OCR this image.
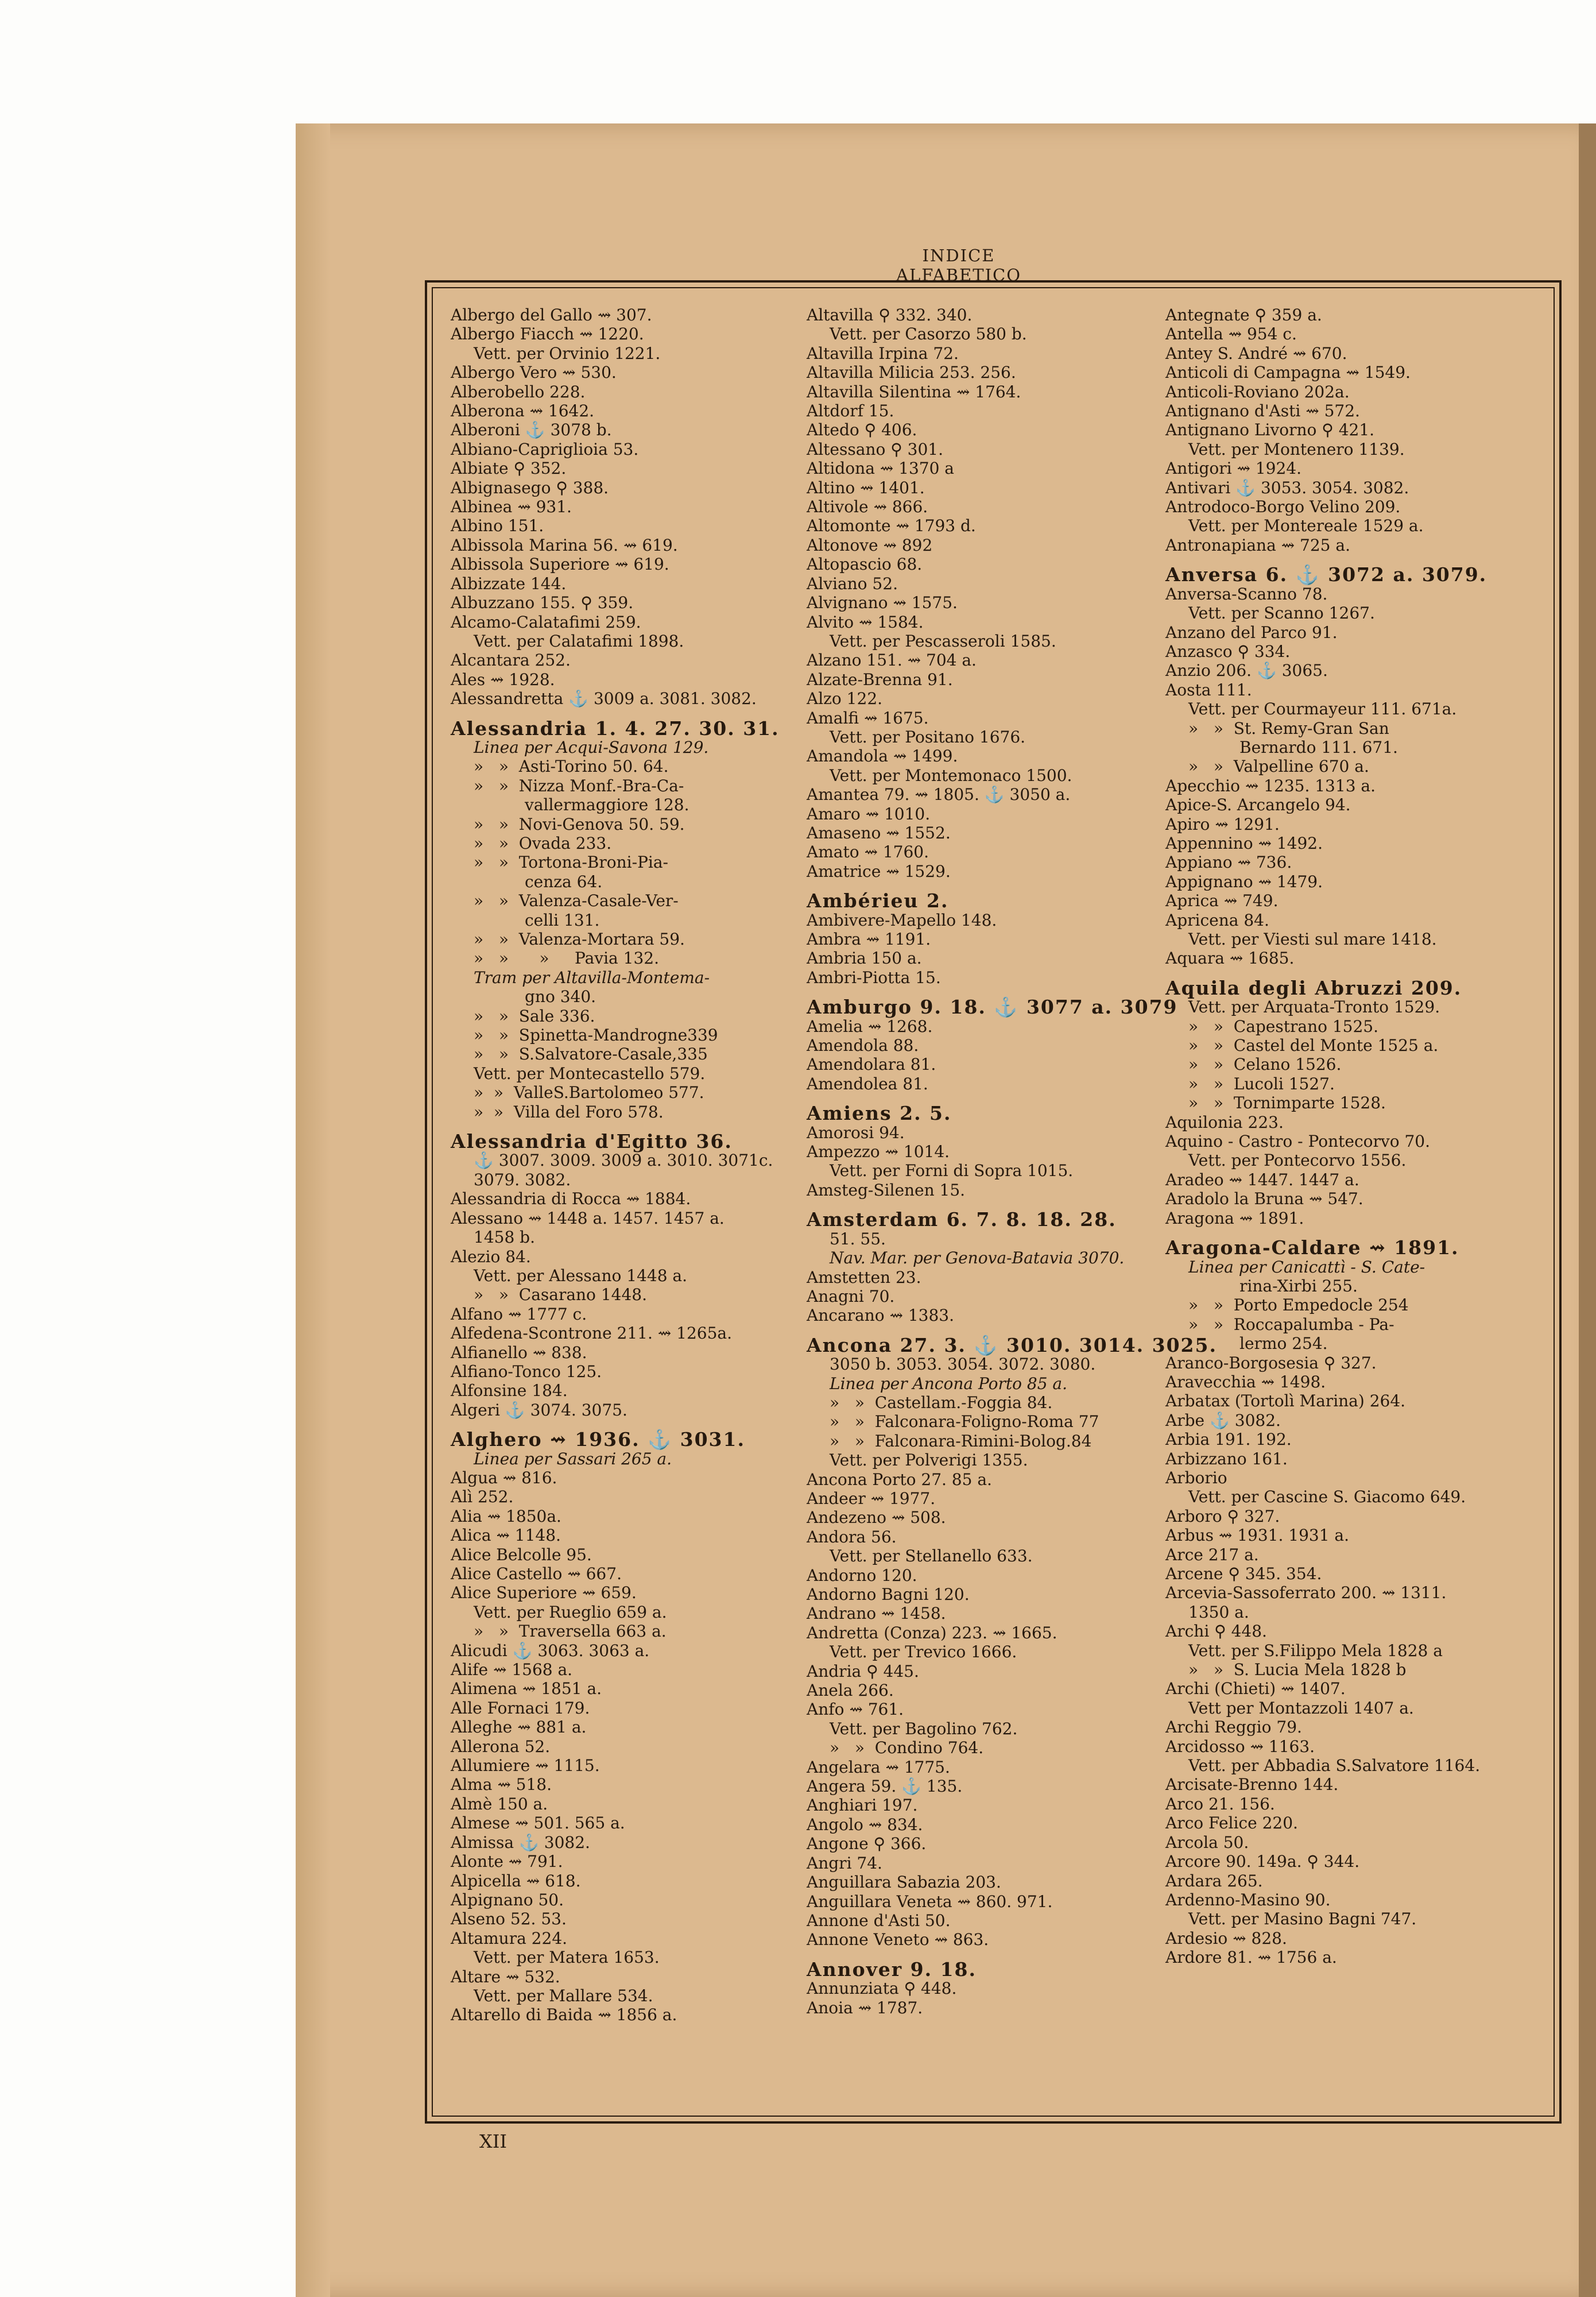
INDICE ALFABETICO
Albergo del Gallo ⇝ 307.
Albergo Fiacch ⇝ 1220.
Vett. per Orvinio 1221.
Albergo Vero ⇝ 530.
Alberobello 228.
Alberona ⇝ 1642.
Alberoni ⚓ 3078 b.
Albiano-Capriglioia 53.
Albiate ⚲ 352.
Albignasego ⚲ 388.
Albinea ⇝ 931.
Albino 151.
Albissola Marina 56. ⇝ 619.
Albissola Superiore ⇝ 619.
Albizzate 144.
Albuzzano 155. ⚲ 359.
Alcamo-Calatafimi 259.
Vett. per Calatafimi 1898.
Alcantara 252.
Ales ⇝ 1928.
Alessandretta ⚓ 3009 a. 3081. 3082.
Alessandria 1. 4. 27. 30. 31.
Linea per Acqui-Savona 129.
»   »  Asti-Torino 50. 64.
»   »  Nizza Monf.-Bra-Ca-
vallermaggiore 128.
»   »  Novi-Genova 50. 59.
»   »  Ovada 233.
»   »  Tortona-Broni-Pia-
cenza 64.
»   »  Valenza-Casale-Ver-
celli 131.
»   »  Valenza-Mortara 59.
»   »      »     Pavia 132.
Tram per Altavilla-Montema-
gno 340.
»   »  Sale 336.
»   »  Spinetta-Mandrogne339
»   »  S.Salvatore-Casale,335
Vett. per Montecastello 579.
»  »  ValleS.Bartolomeo 577.
»  »  Villa del Foro 578.
Alessandria d'Egitto 36.
⚓ 3007. 3009. 3009 a. 3010. 3071c.
3079. 3082.
Alessandria di Rocca ⇝ 1884.
Alessano ⇝ 1448 a. 1457. 1457 a.
1458 b.
Alezio 84.
Vett. per Alessano 1448 a.
»   »  Casarano 1448.
Alfano ⇝ 1777 c.
Alfedena-Scontrone 211. ⇝ 1265a.
Alfianello ⇝ 838.
Alfiano-Tonco 125.
Alfonsine 184.
Algeri ⚓ 3074. 3075.
Alghero ⇝ 1936. ⚓ 3031.
Linea per Sassari 265 a.
Algua ⇝ 816.
Alì 252.
Alia ⇝ 1850a.
Alica ⇝ 1148.
Alice Belcolle 95.
Alice Castello ⇝ 667.
Alice Superiore ⇝ 659.
Vett. per Rueglio 659 a.
»   »  Traversella 663 a.
Alicudi ⚓ 3063. 3063 a.
Alife ⇝ 1568 a.
Alimena ⇝ 1851 a.
Alle Fornaci 179.
Alleghe ⇝ 881 a.
Allerona 52.
Allumiere ⇝ 1115.
Alma ⇝ 518.
Almè 150 a.
Almese ⇝ 501. 565 a.
Almissa ⚓ 3082.
Alonte ⇝ 791.
Alpicella ⇝ 618.
Alpignano 50.
Alseno 52. 53.
Altamura 224.
Vett. per Matera 1653.
Altare ⇝ 532.
Vett. per Mallare 534.
Altarello di Baida ⇝ 1856 a.
Altavilla ⚲ 332. 340.
Vett. per Casorzo 580 b.
Altavilla Irpina 72.
Altavilla Milicia 253. 256.
Altavilla Silentina ⇝ 1764.
Altdorf 15.
Altedo ⚲ 406.
Altessano ⚲ 301.
Altidona ⇝ 1370 a
Altino ⇝ 1401.
Altivole ⇝ 866.
Altomonte ⇝ 1793 d.
Altonove ⇝ 892
Altopascio 68.
Alviano 52.
Alvignano ⇝ 1575.
Alvito ⇝ 1584.
Vett. per Pescasseroli 1585.
Alzano 151. ⇝ 704 a.
Alzate-Brenna 91.
Alzo 122.
Amalfi ⇝ 1675.
Vett. per Positano 1676.
Amandola ⇝ 1499.
Vett. per Montemonaco 1500.
Amantea 79. ⇝ 1805. ⚓ 3050 a.
Amaro ⇝ 1010.
Amaseno ⇝ 1552.
Amato ⇝ 1760.
Amatrice ⇝ 1529.
Ambérieu 2.
Ambivere-Mapello 148.
Ambra ⇝ 1191.
Ambria 150 a.
Ambri-Piotta 15.
Amburgo 9. 18. ⚓ 3077 a. 3079
Amelia ⇝ 1268.
Amendola 88.
Amendolara 81.
Amendolea 81.
Amiens 2. 5.
Amorosi 94.
Ampezzo ⇝ 1014.
Vett. per Forni di Sopra 1015.
Amsteg-Silenen 15.
Amsterdam 6. 7. 8. 18. 28.
51. 55.
Nav. Mar. per Genova-Batavia 3070.
Amstetten 23.
Anagni 70.
Ancarano ⇝ 1383.
Ancona 27. 3. ⚓ 3010. 3014. 3025.
3050 b. 3053. 3054. 3072. 3080.
Linea per Ancona Porto 85 a.
»   »  Castellam.-Foggia 84.
»   »  Falconara-Foligno-Roma 77
»   »  Falconara-Rimini-Bolog.84
Vett. per Polverigi 1355.
Ancona Porto 27. 85 a.
Andeer ⇝ 1977.
Andezeno ⇝ 508.
Andora 56.
Vett. per Stellanello 633.
Andorno 120.
Andorno Bagni 120.
Andrano ⇝ 1458.
Andretta (Conza) 223. ⇝ 1665.
Vett. per Trevico 1666.
Andria ⚲ 445.
Anela 266.
Anfo ⇝ 761.
Vett. per Bagolino 762.
»   »  Condino 764.
Angelara ⇝ 1775.
Angera 59. ⚓ 135.
Anghiari 197.
Angolo ⇝ 834.
Angone ⚲ 366.
Angri 74.
Anguillara Sabazia 203.
Anguillara Veneta ⇝ 860. 971.
Annone d'Asti 50.
Annone Veneto ⇝ 863.
Annover 9. 18.
Annunziata ⚲ 448.
Anoia ⇝ 1787.
Antegnate ⚲ 359 a.
Antella ⇝ 954 c.
Antey S. André ⇝ 670.
Anticoli di Campagna ⇝ 1549.
Anticoli-Roviano 202a.
Antignano d'Asti ⇝ 572.
Antignano Livorno ⚲ 421.
Vett. per Montenero 1139.
Antigori ⇝ 1924.
Antivari ⚓ 3053. 3054. 3082.
Antrodoco-Borgo Velino 209.
Vett. per Montereale 1529 a.
Antronapiana ⇝ 725 a.
Anversa 6. ⚓ 3072 a. 3079.
Anversa-Scanno 78.
Vett. per Scanno 1267.
Anzano del Parco 91.
Anzasco ⚲ 334.
Anzio 206. ⚓ 3065.
Aosta 111.
Vett. per Courmayeur 111. 671a.
»   »  St. Remy-Gran San
Bernardo 111. 671.
»   »  Valpelline 670 a.
Apecchio ⇝ 1235. 1313 a.
Apice-S. Arcangelo 94.
Apiro ⇝ 1291.
Appennino ⇝ 1492.
Appiano ⇝ 736.
Appignano ⇝ 1479.
Aprica ⇝ 749.
Apricena 84.
Vett. per Viesti sul mare 1418.
Aquara ⇝ 1685.
Aquila degli Abruzzi 209.
Vett. per Arquata-Tronto 1529.
»   »  Capestrano 1525.
»   »  Castel del Monte 1525 a.
»   »  Celano 1526.
»   »  Lucoli 1527.
»   »  Tornimparte 1528.
Aquilonia 223.
Aquino - Castro - Pontecorvo 70.
Vett. per Pontecorvo 1556.
Aradeo ⇝ 1447. 1447 a.
Aradolo la Bruna ⇝ 547.
Aragona ⇝ 1891.
Aragona-Caldare ⇝ 1891.
Linea per Canicattì - S. Cate-
rina-Xirbi 255.
»   »  Porto Empedocle 254
»   »  Roccapalumba - Pa-
lermo 254.
Aranco-Borgosesia ⚲ 327.
Aravecchia ⇝ 1498.
Arbatax (Tortolì Marina) 264.
Arbe ⚓ 3082.
Arbia 191. 192.
Arbizzano 161.
Arborio
Vett. per Cascine S. Giacomo 649.
Arboro ⚲ 327.
Arbus ⇝ 1931. 1931 a.
Arce 217 a.
Arcene ⚲ 345. 354.
Arcevia-Sassoferrato 200. ⇝ 1311.
1350 a.
Archi ⚲ 448.
Vett. per S.Filippo Mela 1828 a
»   »  S. Lucia Mela 1828 b
Archi (Chieti) ⇝ 1407.
Vett per Montazzoli 1407 a.
Archi Reggio 79.
Arcidosso ⇝ 1163.
Vett. per Abbadia S.Salvatore 1164.
Arcisate-Brenno 144.
Arco 21. 156.
Arco Felice 220.
Arcola 50.
Arcore 90. 149a. ⚲ 344.
Ardara 265.
Ardenno-Masino 90.
Vett. per Masino Bagni 747.
Ardesio ⇝ 828.
Ardore 81. ⇝ 1756 a.
XII
